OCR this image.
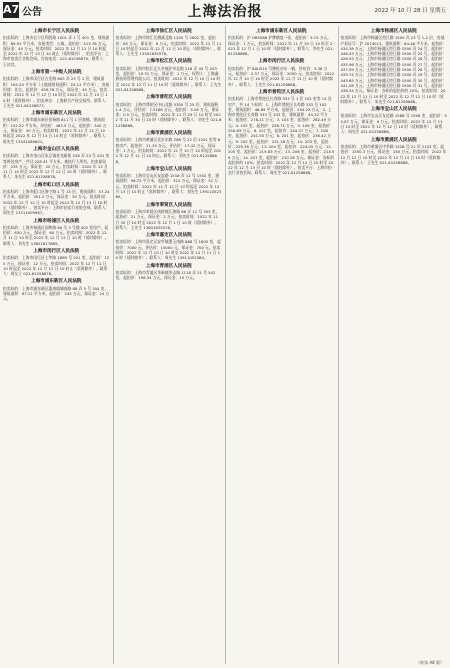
A7 公告	上海法治报	2022 年 10 月 28 日 星期五
上海市长宁区人民法院
拍卖标的：上海市长宁区利西路 1001 弄 1 号 401 室，建筑面积：89.91 平方米，房屋类型：公寓。起拍价：413.76 万元。保证金：40 万元。拍卖时间：2022 年 12 月 12 日 10 时起至 2022 年 12 月 13 日 10 时止（延时除外），拍卖平台：上海市拍卖行业协会网。咨询电话：021-61258879，联系人：王法官。
上海市第一中级人民法院
拍卖标的：上海市闵行区古龙路 805 弄 23 号 1 层，建筑面积：105.34 平方米（土地使用权面积：24.12 平方米），房屋用途：住宅。起拍价：459.78 万元，保证金：45 万元。拍卖时间：2022 年 12 月 12 日 10 时至 2022 年 12 月 13 日 10 时（延时除外）。拍卖单位：上海联合产权交易所。联系人：王先生 021-61258877。
上海市浦东新区人民法院
拍卖标的：上海市浦东新区张杨路 811 号 1 层商铺，建筑面积：152.32 平方米。评估价：463.5 万元，起拍价：340 万元，保证金：30 万元。拍卖时间：2022 年 12 月 12 日 10 时起至 2022 年 12 月 13 日 10 时止（延时除外）。联系人：陈先生 13341089651。
上海市金山区人民法院
拍卖标的：上海市金山区朱泾镇金龙新街 528 弄 23 号 201 室等两处房产，共计 228.41 平方米，被执行人所有，拍卖保留价：235 万元。保证金：20 万元。拍卖时间：2022 年 12 月 11 日 10 时至 2022 年 12 月 12 日 10 时（延时除外）。联系人：朱先生 021-61258878。
上海市虹口区人民法院
拍卖标的：上海市虹口区海宁路 1 号 15 层，建筑面积：57.24 平方米，起拍价：301.2 万元，保证金：30 万元。拍卖时间：2022 年 12 月 12 日 10 时起至 2022 年 12 月 13 日 10 时止（延时除外）。拍卖平台：上海市拍卖行业协会网。联系人：周先生 13311009967。
上海市杨浦区人民法院
拍卖标的：上海市杨浦区国和路 60 号 3 号楼 402 室房产，起拍价：630 万元，保证金：60 万元。拍卖时间：2022 年 12 月 11 日 10 时至 2022 年 12 月 12 日 10 时（延时除外）。联系人：刘先生 13621617689。
上海市闵行区人民法院
拍卖标的：上海市闵行区七莘路 1885 号 201 室，起拍价：120 万元，保证金：12 万元。拍卖时间：2022 年 12 月 11 日 10 时起至 2022 年 12 月 12 日 10 时止（延时除外）。联系人：周女士 021-61258878。
上海市浦东新区人民法院
拍卖标的：上海市浦东新区惠南镇城南路 88 弄 5 号 304 室，建筑面积：87.21 平方米，起拍价：245 万元，保证金：24 万元。
上海市徐汇区人民法院
拍卖标的：上海市徐汇区漕溪北路 1200 号 2802 室，起拍价：65 万元，保证金：6 万元。拍卖时间：2022 年 12 月 11 日 10 时起至 2022 年 12 月 12 日 10 时止（延时除外）。联系人：王先生 13501635576。
上海市松江区人民法院
拍卖标的：上海市松江区九亭镇沪亭北路 218 弄 45 号 203 室，起拍价：10.31 万元，保证金：1 万元，权利人：上海鑫源投资管理有限公司。拍卖时间：2022 年 12 月 10 日 10 时至 2022 年 12 月 11 日 10 时（延时除外）。联系人：王先生 021-61258868。
上海市普陀区人民法院
拍卖标的：上海市普陀区中山北路 3300 号 25 层，建筑面积 1.4 万元，评估价：7.5186 万元，起拍价：5.26 万元，保证金：0.5 万元。拍卖时间：2022 年 11 月 29 日 10 时至 2022 年 11 月 30 日 10 时（延时除外）。联系人：刘先生 021-61258868。
上海市黄浦区人民法院
拍卖标的：上海市黄浦区北京东路 288 号 22 层 2201 室等 8 套房产，起拍价：11.19 万元，评估价：17.42 万元，保证金：1 万元。拍卖时间：2022 年 12 月 10 日 10 时起至 2022 年 12 月 11 日 10 时止。联系人：刘先生 021-61258868。
上海市宝山区人民法院
拍卖标的：上海市宝山区友谊路 1518 弄 11 号 1502 室，建筑面积：96.72 平方米，起拍价：322 万元，保证金：32 万元。拍卖时间：2022 年 12 月 12 日 10 时起至 2022 年 12 月 13 日 10 时止（延时除外）。联系人：刘先生 13911052380。
上海市奉贤区人民法院
拍卖标的：上海市奉贤区南桥镇江海路 88 弄 11 号 303 室，起拍价：21 万元，保证金：2 万元，拍卖时间：2022 年 11 月 30 日 10 时至 2022 年 12 月 1 日 10 时（延时除外）。联系人：王先生 13601635576。
上海市嘉定区人民法院
拍卖标的：上海市嘉定区安亭镇墨玉南路 888 号 1605 室，起拍价：7000 元，评估价：10000 元，保证金：700 元。拍卖时间：2022 年 12 月 10 日 10 时至 2022 年 12 月 11 日 10 时（延时除外）。联系人：周先生 13911052380。
上海市青浦区人民法院
拍卖标的：上海市青浦区华新镇华志路 1118 弄 21 号 502 室，起拍价：156.34 万元，保证金：15 万元。
上海市浦东新区人民法院
拍卖标的：沪 GB5086 沪牌额度一张，起拍价：9.15 万元，保证金：1 万元。拍卖时间：2022 年 11 月 30 日 10 时至 2022 年 12 月 1 日 10 时（延时除外）。联系人：李先生 021-61258868。
上海市闵行区人民法院
拍卖标的：沪 BAU510 号牌机动车一辆，评估价：3.38 万元，起拍价：2.37 万元，保证金：2000 元。拍卖时间：2022 年 12 月 10 日 10 时至 2022 年 12 月 11 日 10 时（延时除外）。联系人：王先生 021-61258868。
上海市普陀区人民法院
拍卖标的：上海市普陀区长寿路 333 号 1 层 102 室等 14 处房产，共 14 个标的：1. 上海市普陀区长寿路 333 号 102 室，建筑面积：46.89 平方米，起拍价：294.22 万元；2. 上海市普陀区长寿路 333 号 103 室，建筑面积：44.32 平方米，起拍价：278.11 万元；3. 104 室，起拍价：262.49 万元；4. 105 室，起拍价：258.71 万元；5. 106 室，起拍价：250.63 万元；6. 107 室，起拍价：244.37 万元；7. 108 室，起拍价：241.50 万元；8. 201 室，起拍价：236.42 万元；9. 202 室，起拍价：231.18 万元；10. 203 室，起拍价：229.36 万元；11. 204 室，起拍价：224.05 万元；12. 205 室，起拍价：219.83 万元；13. 206 室，起拍价：214.59 万元；14. 207 室，起拍价：210.26 万元。保证金：各标的起拍价的 10%。拍卖时间：2022 年 12 月 12 日 10 时至 2022 年 12 月 13 日 10 时（延时除外）。拍卖平台：上海市拍卖行业协会网。联系人：周先生 021-61258868。
上海市杨浦区人民法院
拍卖标的：上海市杨浦区控江路 1500 弄 23 号 1-2 层，房地产权证号：沪 2014013，建筑面积：84.46 平方米，起拍价：434.38 万元；上海市杨浦区控江路 1500 弄 24 号，起拍价：446.43 万元；上海市杨浦区控江路 1500 弄 25 号，起拍价：426.93 万元；上海市杨浦区控江路 1500 弄 26 号，起拍价：435.96 万元；上海市杨浦区控江路 1500 弄 27 号，起拍价：437.09 万元；上海市杨浦区控江路 1500 弄 28 号，起拍价：439.74 万元；上海市杨浦区控江路 1500 弄 29 号，起拍价：443.65 万元；上海市杨浦区控江路 1500 弄 30 号，起拍价：441.08 万元；上海市杨浦区控江路 1500 弄 31 号，起拍价：436.34 万元。保证金：各标的起拍价的 10%。拍卖时间：2022 年 12 月 11 日 10 时至 2022 年 12 月 12 日 10 时（延时除外）。联系人：朱先生 021-61258868。
上海市宝山区人民法院
拍卖标的：上海市宝山区友谊路 1588 号 1506 室，起拍价：95.67 万元，保证金：9 万元。拍卖时间：2022 年 12 月 11 日 10 时至 2022 年 12 月 12 日 10 时（延时除外）。联系人：周先生 021-61258868。
上海市黄浦区人民法院
拍卖标的：上海市黄浦区中华路 1528 号 21 层 2103 室，起拍价：1550.3 万元，保证金：150 万元。拍卖时间：2022 年 12 月 12 日 10 时至 2022 年 12 月 13 日 10 时（延时除外）。联系人：王先生 021-61258868。
（转第 A8 版）
